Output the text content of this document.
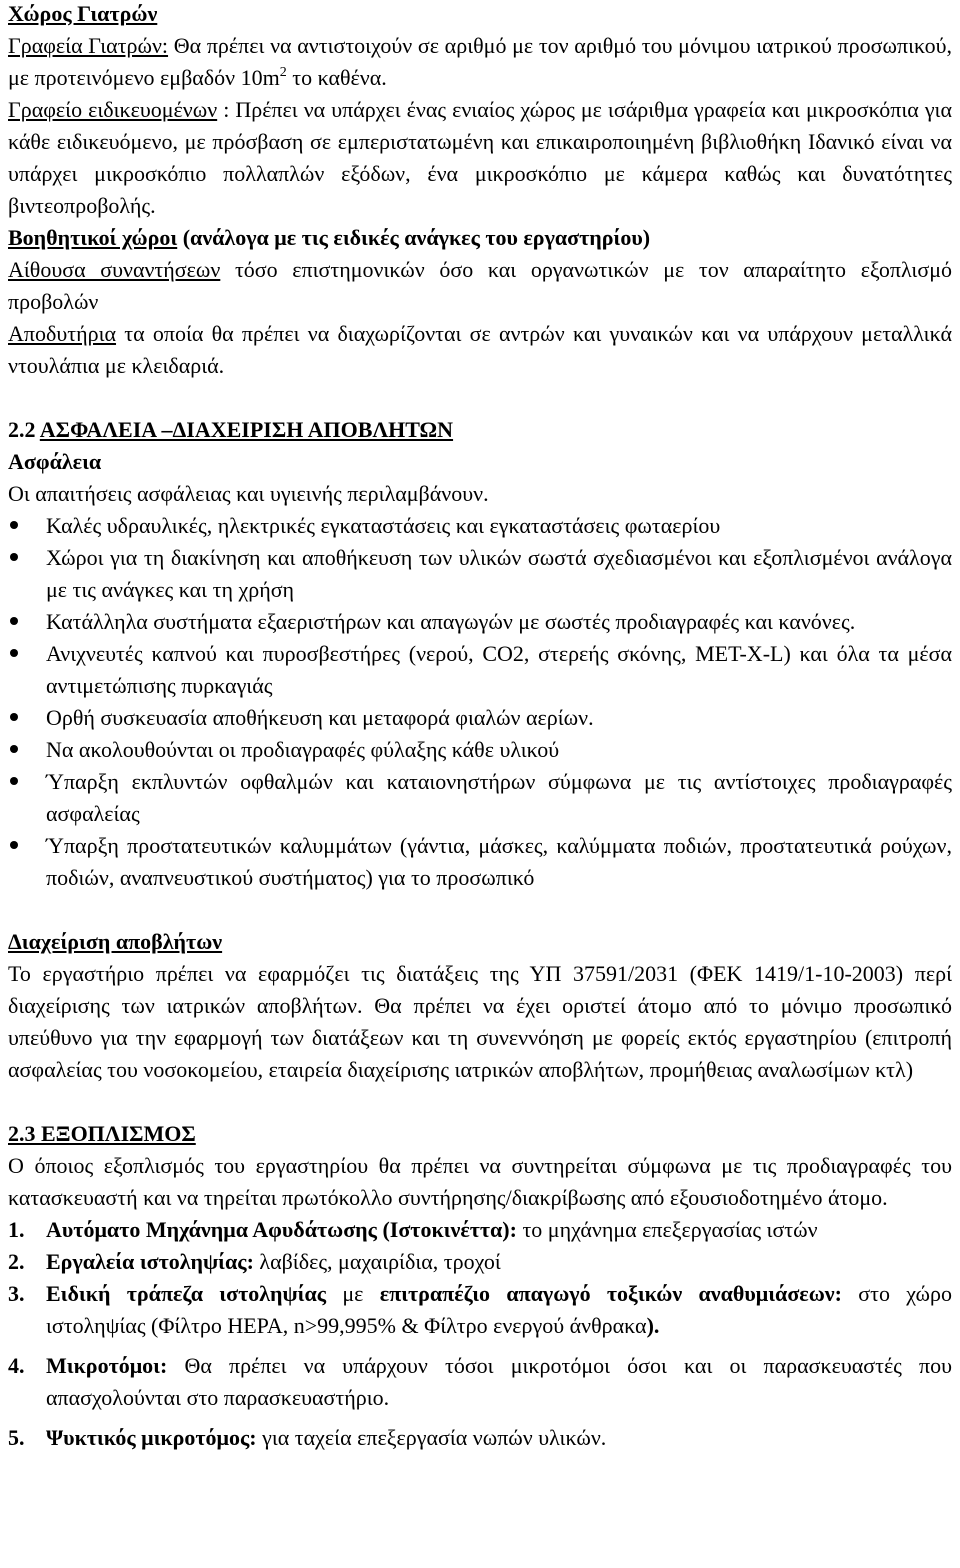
Χώρος Γιατρών

Γραφεία Γιατρών: Θα πρέπει να αντιστοιχούν σε αριθμό με τον αριθμό του μόνιμου ιατρικού προσωπικού, με προτεινόμενο εμβαδόν $10m^2$ το καθένα.

Γραφείο ειδικευομένων : Πρέπει να υπάρχει ένας ενιαίος χώρος με ισάριθμα γραφεία και μικροσκόπια για κάθε ειδικευόμενο, με πρόσβαση σε εμπεριστατωμένη και επικαιροποιημένη βιβλιοθήκη Ιδανικό είναι να υπάρχει μικροσκόπιο πολλαπλών εξόδων, ένα μικροσκόπιο με κάμερα καθώς και δυνατότητες βιντεοπροβολής.

Βοηθητικοί χώροι (ανάλογα με τις ειδικές ανάγκες του εργαστηρίου)

Αίθουσα συναντήσεων τόσο επιστημονικών όσο και οργανωτικών με τον απαραίτητο εξοπλισμό προβολών

Αποδυτήρια τα οποία θα πρέπει να διαχωρίζονται σε αντρών και γυναικών και να υπάρχουν μεταλλικά ντουλάπια με κλειδαριά.

2.2 ΑΣΦΑΛΕΙΑ –ΔΙΑΧΕΙΡΙΣΗ ΑΠΟΒΛΗΤΩΝ

Ασφάλεια

Οι απαιτήσεις ασφάλειας και υγιεινής περιλαμβάνουν.

Καλές υδραυλικές, ηλεκτρικές εγκαταστάσεις και εγκαταστάσεις φωταερίου
Χώροι για τη διακίνηση και αποθήκευση των υλικών σωστά σχεδιασμένοι και εξοπλισμένοι ανάλογα με τις ανάγκες και τη χρήση
Κατάλληλα συστήματα εξαεριστήρων και απαγωγών με σωστές προδιαγραφές και κανόνες.
Ανιχνευτές καπνού και πυροσβεστήρες (νερού, CO2, στερεής σκόνης, MET-X-L) και όλα τα μέσα αντιμετώπισης πυρκαγιάς
Ορθή συσκευασία αποθήκευση και μεταφορά φιαλών αερίων.
Να ακολουθούνται οι προδιαγραφές φύλαξης κάθε υλικού
Ύπαρξη εκπλυντών οφθαλμών και καταιονηστήρων σύμφωνα με τις αντίστοιχες προδιαγραφές ασφαλείας
Ύπαρξη προστατευτικών καλυμμάτων (γάντια, μάσκες, καλύμματα ποδιών, προστατευτικά ρούχων, ποδιών, αναπνευστικού συστήματος) για το προσωπικό

Διαχείριση αποβλήτων

Το εργαστήριο πρέπει να εφαρμόζει τις διατάξεις της ΥΠ 37591/2031 (ΦΕΚ 1419/1-10-2003) περί διαχείρισης των ιατρικών αποβλήτων. Θα πρέπει να έχει οριστεί άτομο από το μόνιμο προσωπικό υπεύθυνο για την εφαρμογή των διατάξεων και τη συνεννόηση με φορείς εκτός εργαστηρίου (επιτροπή ασφαλείας του νοσοκομείου, εταιρεία διαχείρισης ιατρικών αποβλήτων, προμήθειας αναλωσίμων κτλ)

2.3 ΕΞΟΠΛΙΣΜΟΣ

Ο όποιος εξοπλισμός του εργαστηρίου θα πρέπει να συντηρείται σύμφωνα με τις προδιαγραφές του κατασκευαστή και να τηρείται πρωτόκολλο συντήρησης/διακρίβωσης από εξουσιοδοτημένο άτομο.

1. Αυτόματο Μηχάνημα Αφυδάτωσης (Ιστοκινέττα): το μηχάνημα επεξεργασίας ιστών
2. Εργαλεία ιστοληψίας: λαβίδες, μαχαιρίδια, τροχοί
3. Ειδική τράπεζα ιστοληψίας με επιτραπέζιο απαγωγό τοξικών αναθυμιάσεων: στο χώρο ιστοληψίας (Φίλτρο HEPA, n>99,995% & Φίλτρο ενεργού άνθρακα).
4. Μικροτόμοι: Θα πρέπει να υπάρχουν τόσοι μικροτόμοι όσοι και οι παρασκευαστές που απασχολούνται στο παρασκευαστήριο.
5. Ψυκτικός μικροτόμος: για ταχεία επεξεργασία νωπών υλικών.
